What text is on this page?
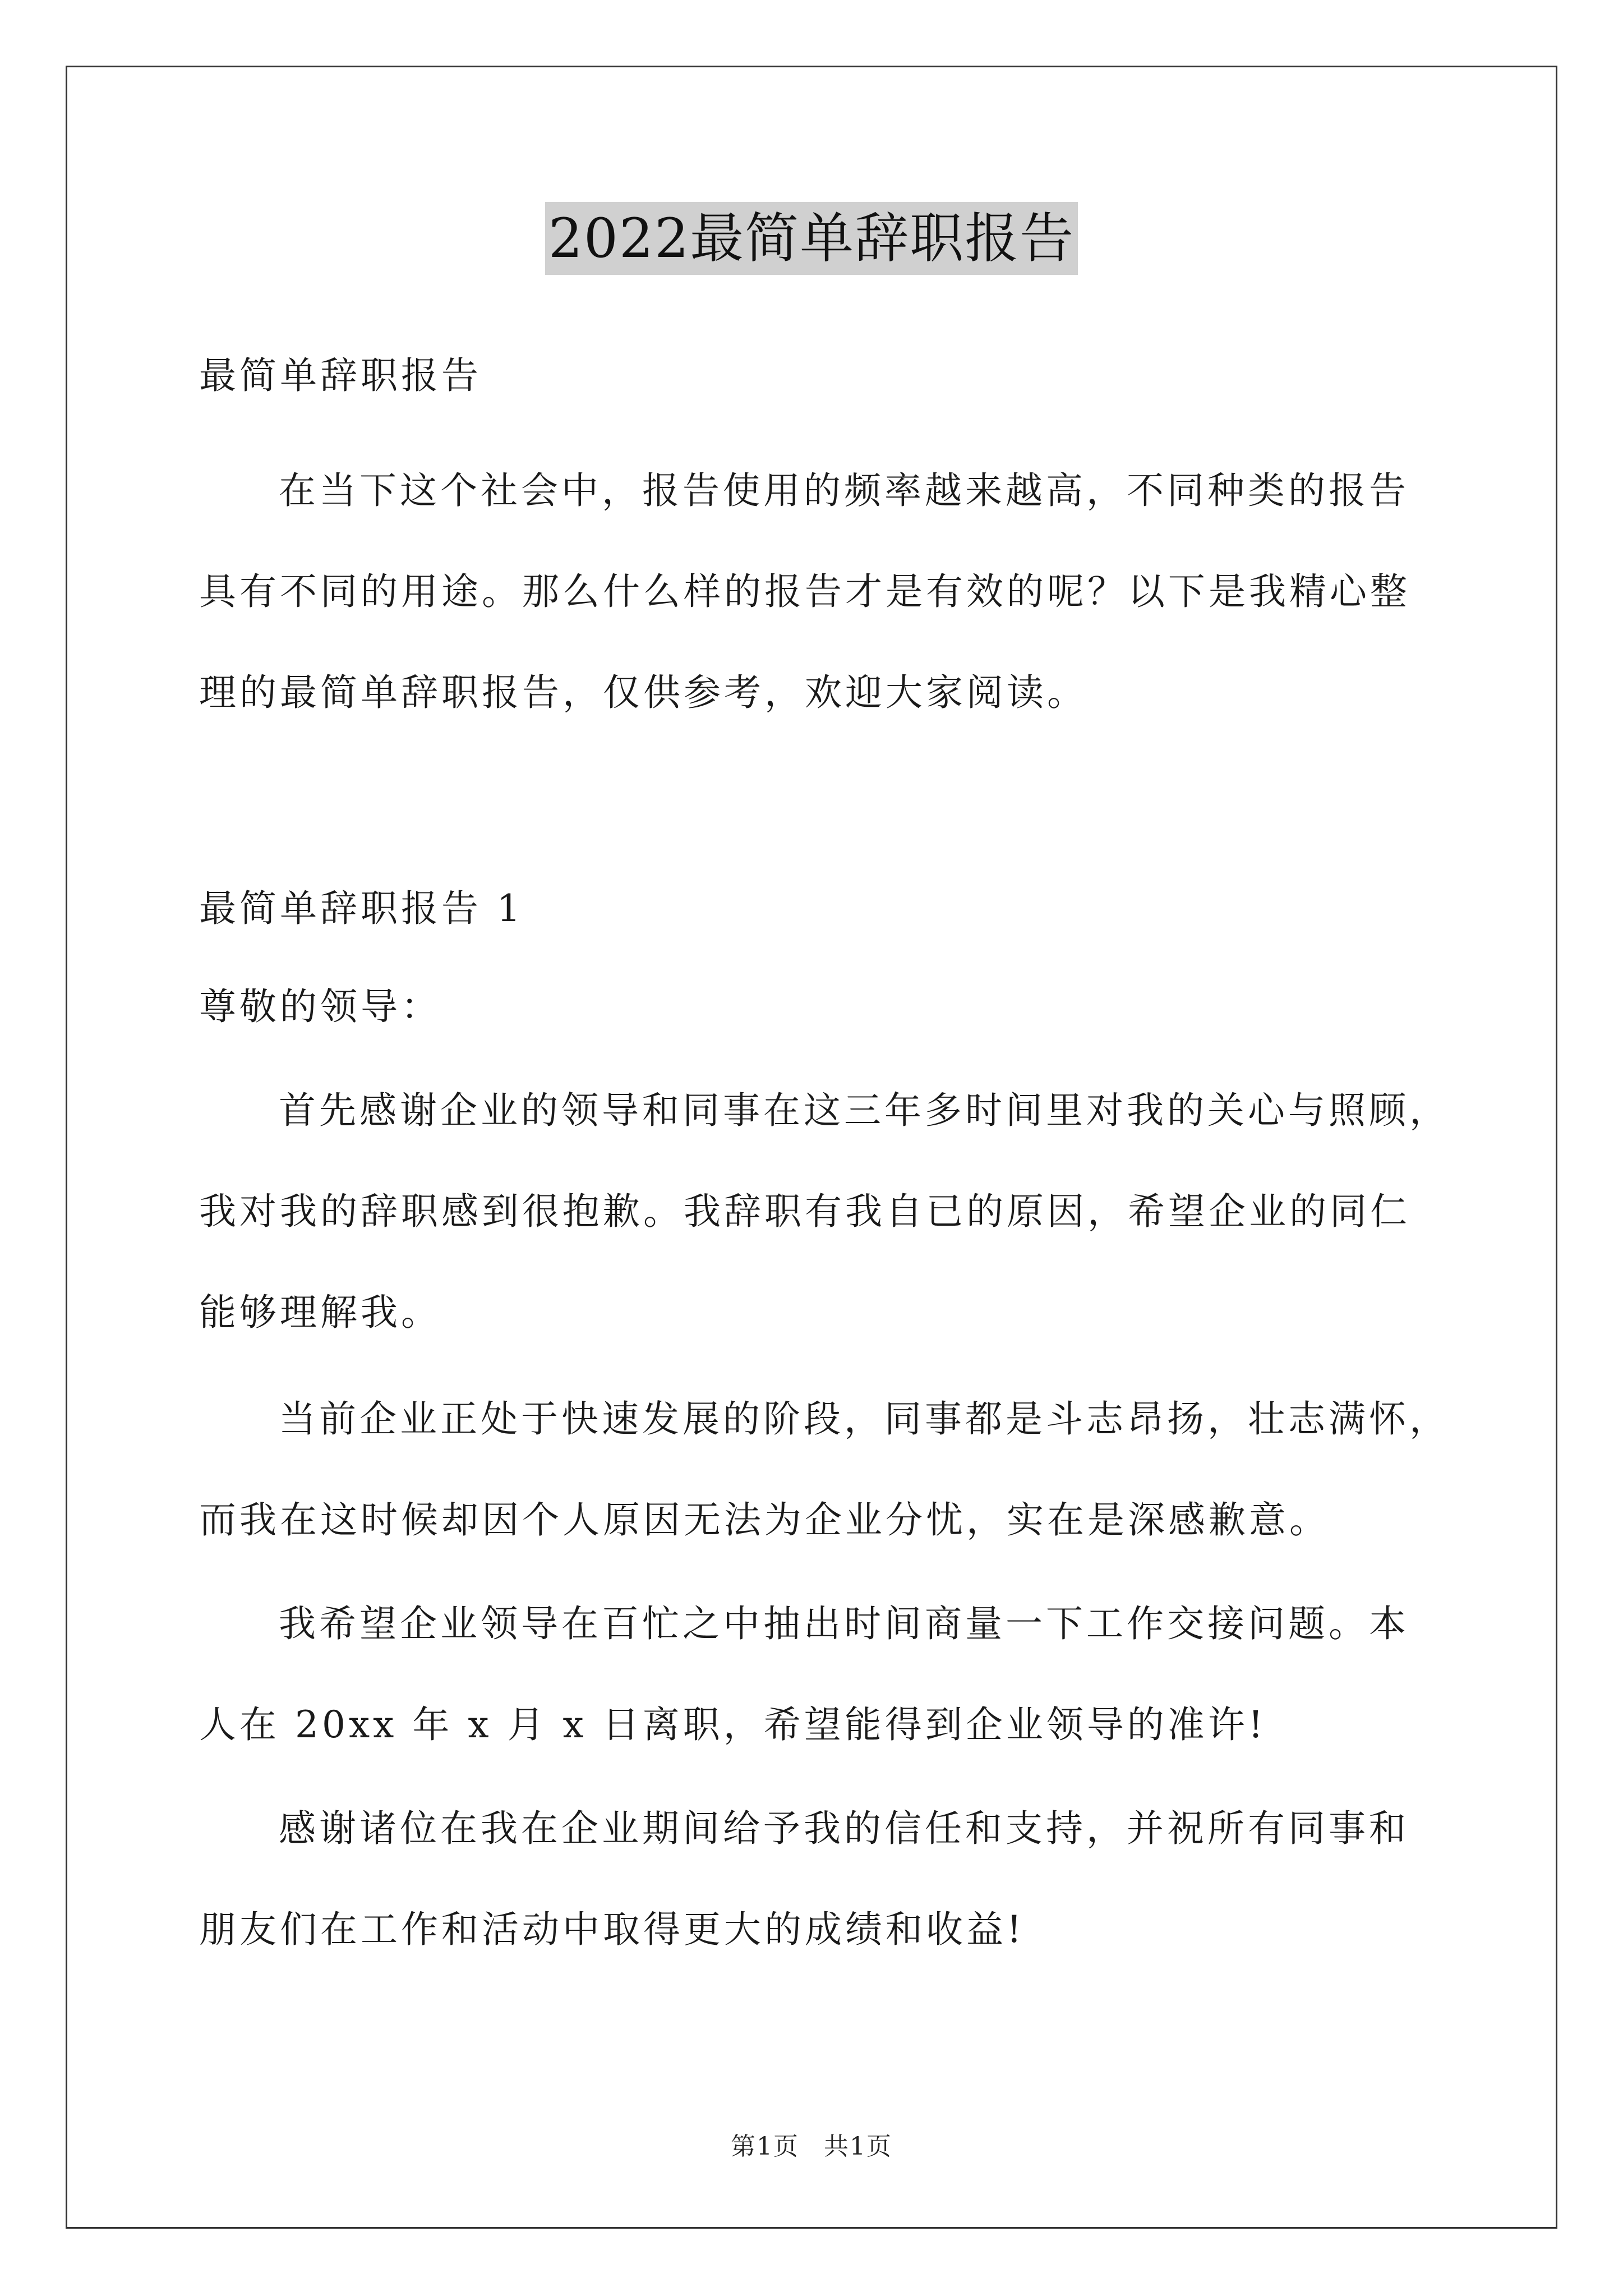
2022最简单辞职报告
最简单辞职报告
在当下这个社会中，报告使用的频率越来越高，不同种类的报告
具有不同的用途。那么什么样的报告才是有效的呢？以下是我精心整
理的最简单辞职报告，仅供参考，欢迎大家阅读。
最简单辞职报告 1
尊敬的领导：
首先感谢企业的领导和同事在这三年多时间里对我的关心与照顾，
我对我的辞职感到很抱歉。我辞职有我自已的原因，希望企业的同仁
能够理解我。
当前企业正处于快速发展的阶段，同事都是斗志昂扬，壮志满怀，
而我在这时候却因个人原因无法为企业分忧，实在是深感歉意。
我希望企业领导在百忙之中抽出时间商量一下工作交接问题。本
人在 20xx 年 x 月 x 日离职，希望能得到企业领导的准许!
感谢诸位在我在企业期间给予我的信任和支持，并祝所有同事和
朋友们在工作和活动中取得更大的成绩和收益!
第1页 共1页
